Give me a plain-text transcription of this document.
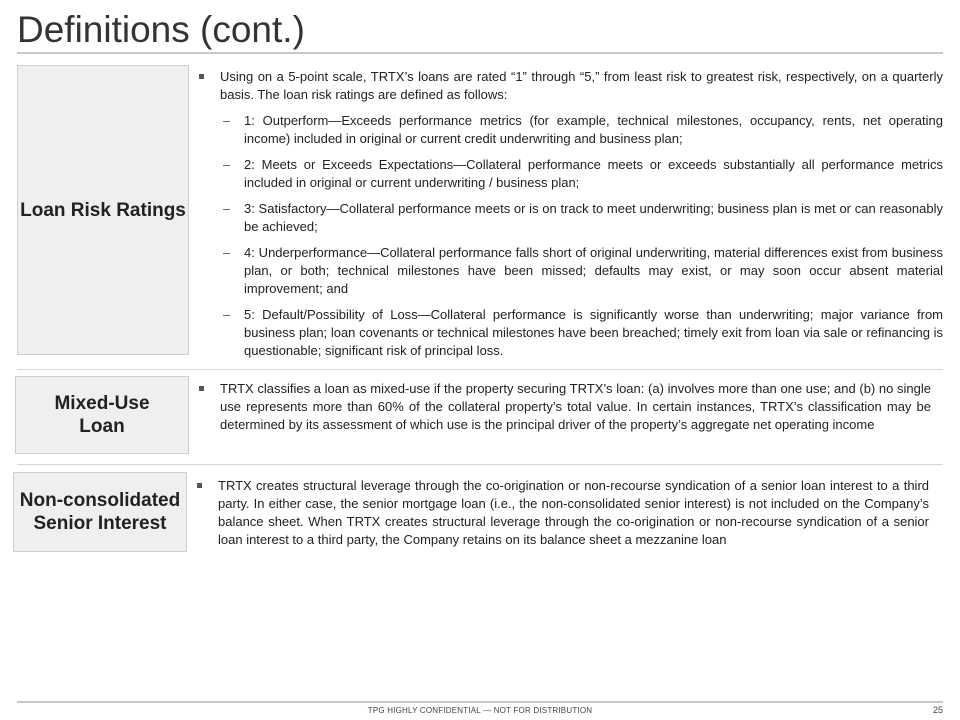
Definitions (cont.)
Loan Risk Ratings
Using on a 5-point scale, TRTX’s loans are rated “1” through “5,” from least risk to greatest risk, respectively, on a quarterly basis. The loan risk ratings are defined as follows:
– 1: Outperform—Exceeds performance metrics (for example, technical milestones, occupancy, rents, net operating income) included in original or current credit underwriting and business plan;
– 2: Meets or Exceeds Expectations—Collateral performance meets or exceeds substantially all performance metrics included in original or current underwriting / business plan;
– 3: Satisfactory—Collateral performance meets or is on track to meet underwriting; business plan is met or can reasonably be achieved;
– 4: Underperformance—Collateral performance falls short of original underwriting, material differences exist from business plan, or both; technical milestones have been missed; defaults may exist, or may soon occur absent material improvement; and
– 5: Default/Possibility of Loss—Collateral performance is significantly worse than underwriting; major variance from business plan; loan covenants or technical milestones have been breached; timely exit from loan via sale or refinancing is questionable; significant risk of principal loss.
Mixed-Use
Loan
TRTX classifies a loan as mixed-use if the property securing TRTX’s loan: (a) involves more than one use; and (b) no single use represents more than 60% of the collateral property’s total value. In certain instances, TRTX’s classification may be determined by its assessment of which use is the principal driver of the property’s aggregate net operating income
Non-consolidated
Senior Interest
TRTX creates structural leverage through the co-origination or non-recourse syndication of a senior loan interest to a third party. In either case, the senior mortgage loan (i.e., the non-consolidated senior interest) is not included on the Company’s balance sheet. When TRTX creates structural leverage through the co-origination or non-recourse syndication of a senior loan interest to a third party, the Company retains on its balance sheet a mezzanine loan
TPG HIGHLY CONFIDENTIAL — NOT FOR DISTRIBUTION	25
